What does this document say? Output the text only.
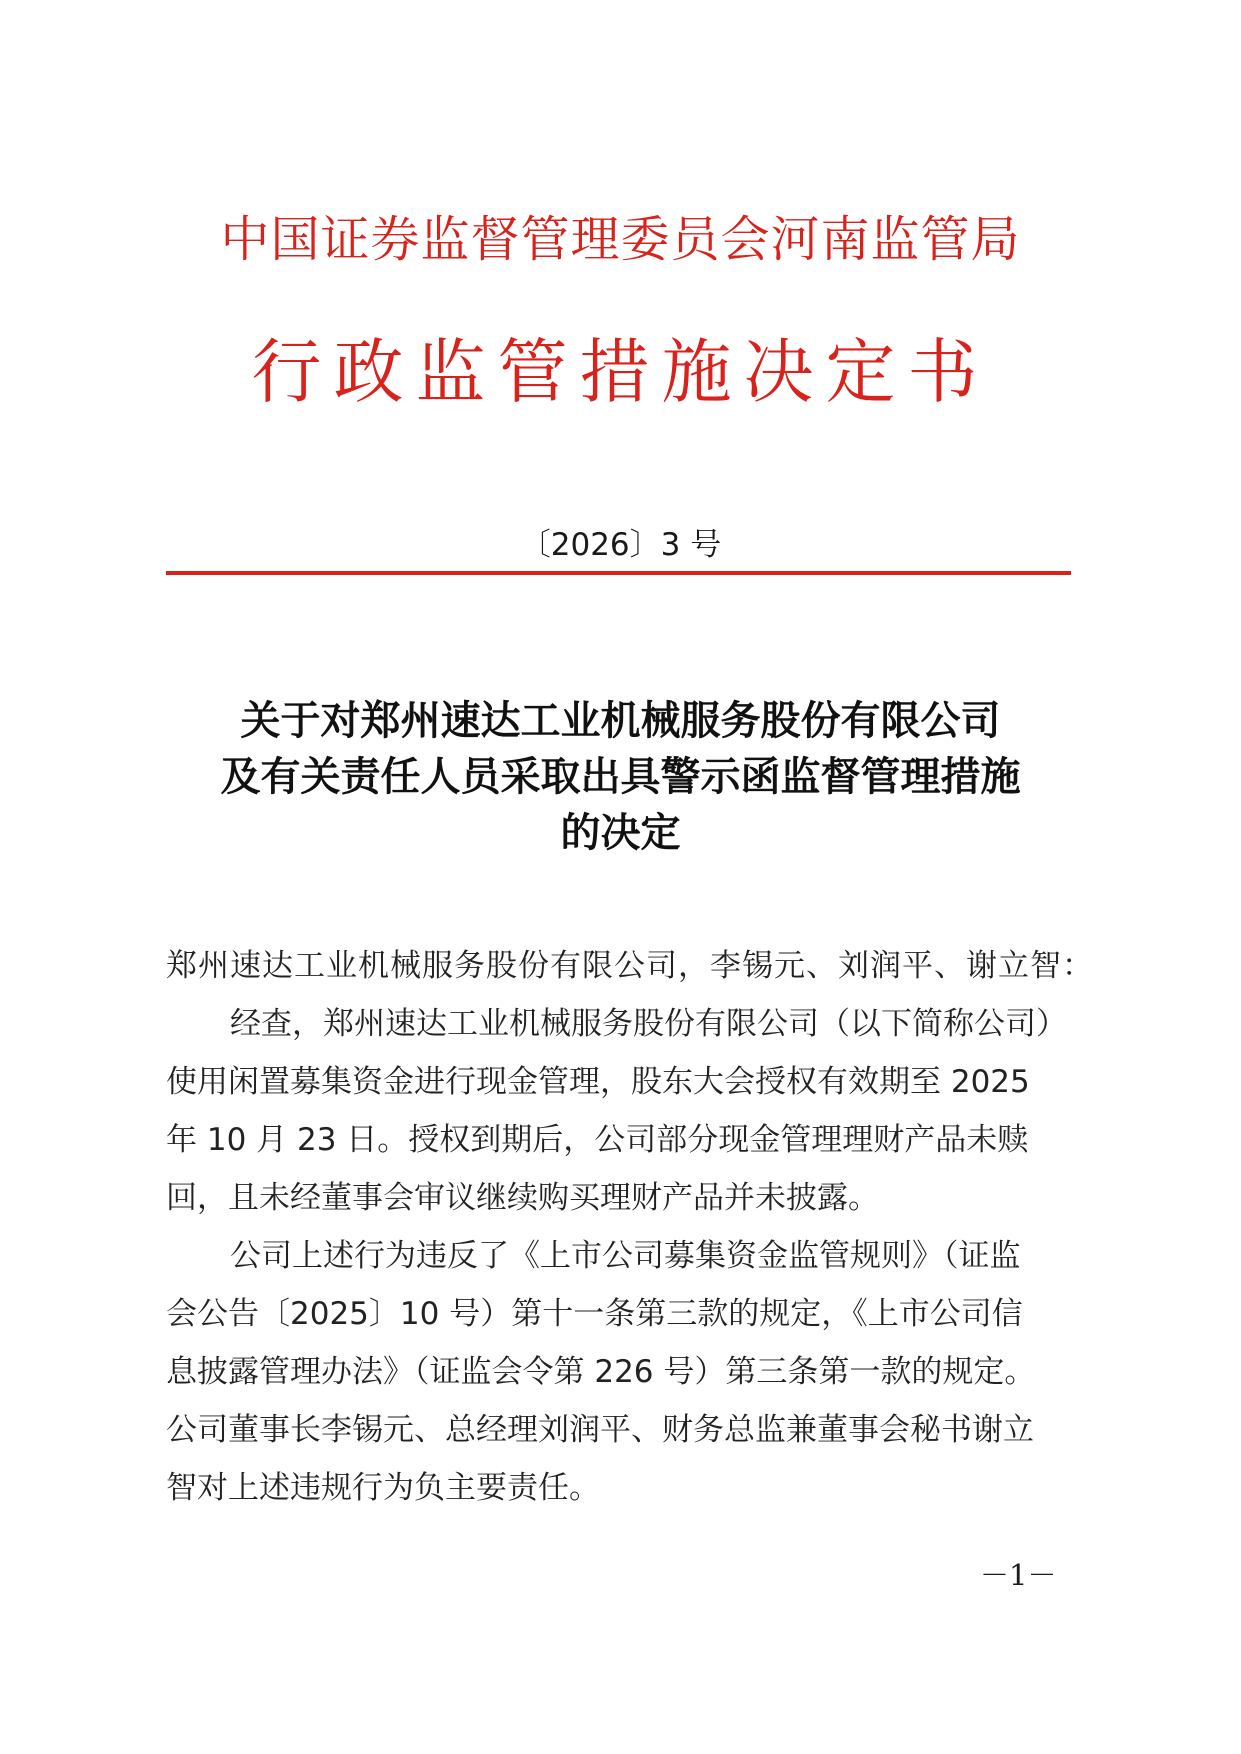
中国证券监督管理委员会河南监管局
行政监管措施决定书
〔2026〕3 号
关于对郑州速达工业机械服务股份有限公司
及有关责任人员采取出具警示函监督管理措施
的决定
郑州速达工业机械服务股份有限公司，李锡元、刘润平、谢立智：
经查，郑州速达工业机械服务股份有限公司（以下简称公司）
使用闲置募集资金进行现金管理，股东大会授权有效期至 2025
年 10 月 23 日。授权到期后，公司部分现金管理理财产品未赎
回，且未经董事会审议继续购买理财产品并未披露。
公司上述行为违反了《上市公司募集资金监管规则》（证监
会公告〔2025〕10 号）第十一条第三款的规定，《上市公司信
息披露管理办法》（证监会令第 226 号）第三条第一款的规定。
公司董事长李锡元、总经理刘润平、财务总监兼董事会秘书谢立
智对上述违规行为负主要责任。
－1－
